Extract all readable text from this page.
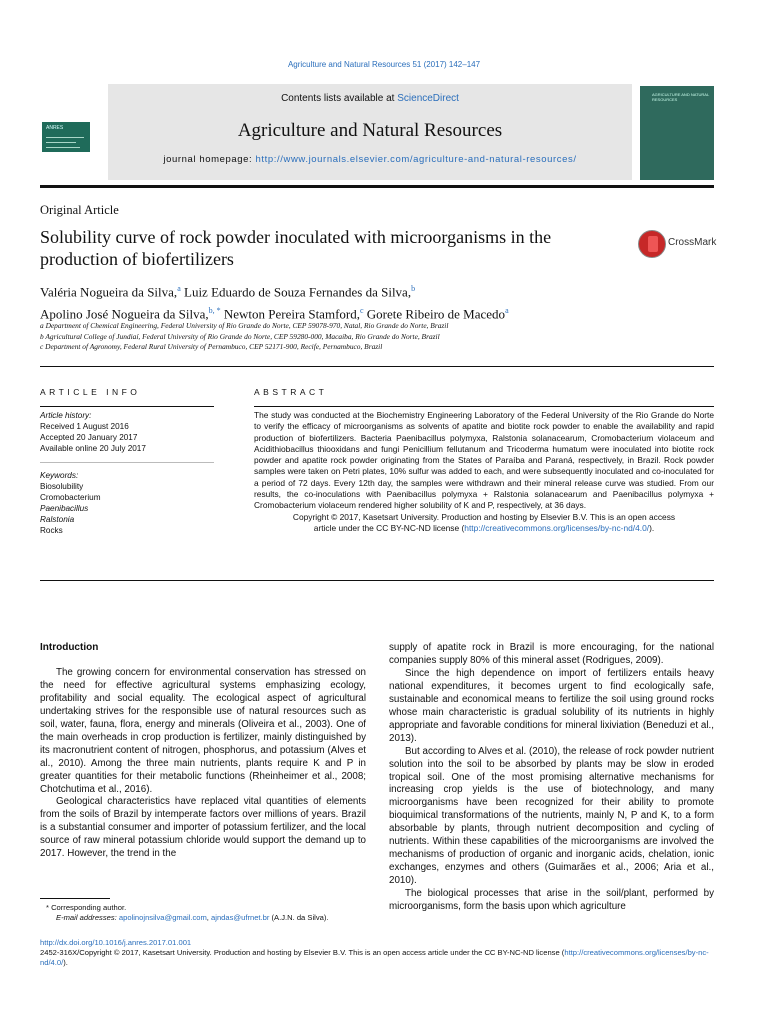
Agriculture and Natural Resources 51 (2017) 142–147
ANRES
Contents lists available at ScienceDirect
Agriculture and Natural Resources
journal homepage: http://www.journals.elsevier.com/agriculture-and-natural-resources/
AGRICULTURE AND NATURAL RESOURCES
Original Article
Solubility curve of rock powder inoculated with microorganisms in the production of biofertilizers
CrossMark
Valéria Nogueira da Silva,$^a$ Luiz Eduardo de Souza Fernandes da Silva,$^b$
Apolino José Nogueira da Silva,$^{b, *}$ Newton Pereira Stamford,$^c$ Gorete Ribeiro de Macedo$^a$
a Department of Chemical Engineering, Federal University of Rio Grande do Norte, CEP 59078-970, Natal, Rio Grande do Norte, Brazil
b Agricultural College of Jundiaí, Federal University of Rio Grande do Norte, CEP 59280-000, Macaíba, Rio Grande do Norte, Brazil
c Department of Agronomy, Federal Rural University of Pernambuco, CEP 52171-900, Recife, Pernambuco, Brazil
ARTICLE INFO
Article history:
Received 1 August 2016
Accepted 20 January 2017
Available online 20 July 2017
Keywords:
Biosolubility
Cromobacterium
Paenibacillus
Ralstonia
Rocks
ABSTRACT
The study was conducted at the Biochemistry Engineering Laboratory of the Federal University of the Rio Grande do Norte to verify the efficacy of microorganisms as solvents of apatite and biotite rock powder to enable the availability and rapid production of biofertilizers. Bacteria Paenibacillus polymyxa, Ralstonia solanacearum, Cromobacterium violaceum and Acidithiobacillus thiooxidans and fungi Penicillium fellutanum and Tricoderma humatum were inoculated into biotite rock powder and apatite rock powder originating from the States of Paraíba and Paraná, respectively, in Brazil. Rock powder samples were taken on Petri plates, 10% sulfur was added to each, and were subsequently inoculated and co-inoculated for a period of 72 days. Every 12th day, the samples were withdrawn and their mineral release curve was studied. From our results, the co-inoculations with Paenibacillus polymyxa + Ralstonia solanacearum and Paenibacillus polymyxa + Cromobacterium violaceum rendered higher solubility of K and P, respectively, at 36 days.
Copyright © 2017, Kasetsart University. Production and hosting by Elsevier B.V. This is an open access
article under the CC BY-NC-ND license (http://creativecommons.org/licenses/by-nc-nd/4.0/).
Introduction

The growing concern for environmental conservation has stressed on the need for effective agricultural systems emphasizing ecology, profitability and social equality. The ecological aspect of agricultural undertaking strives for the responsible use of natural resources such as soil, water, fauna, flora, energy and minerals (Oliveira et al., 2003). One of the main overheads in crop production is fertilizer, mainly distinguished by its macronutrient content of nitrogen, phosphorus, and potassium (Alves et al., 2010). Among the three main nutrients, plants require K and P in greater quantities for their metabolic functions (Rheinheimer et al., 2008; Chotchutima et al., 2016).

Geological characteristics have replaced vital quantities of elements from the soils of Brazil by intemperate factors over millions of years. Brazil is a substantial consumer and importer of potassium fertilizer, and the local source of raw mineral potassium chloride would support the demand up to 2017. However, the trend in the

supply of apatite rock in Brazil is more encouraging, for the national companies supply 80% of this mineral asset (Rodrigues, 2009).

Since the high dependence on import of fertilizers entails heavy national expenditures, it becomes urgent to find ecologically safe, sustainable and economical means to fertilize the soil using ground rocks whose main characteristic is gradual solubility of its nutrients in highly appropriate and favorable conditions for mineral lixiviation (Beneduzi et al., 2013).

But according to Alves et al. (2010), the release of rock powder nutrient solution into the soil to be absorbed by plants may be slow in eroded tropical soil. One of the most promising alternative mechanisms for increasing crop yields is the use of biotechnology, and many microorganisms have been recognized for their ability to promote bioquimical transformations of the nutrients, mainly N, P and K, to a form absorbable by plants, through nutrient decomposition and cycling of nutrients. Within these capabilities of the microorganisms are involved the mechanisms of production of organic and inorganic acids, chelation, ionic exchanges, enzymes and others (Guimarães et al., 2006; Aria et al., 2010).

The biological processes that arise in the soil/plant, performed by microorganisms, form the basis upon which agriculture

* Corresponding author.
E-mail addresses: apolinojnsilva@gmail.com, ajndas@ufrnet.br (A.J.N. da Silva).
http://dx.doi.org/10.1016/j.anres.2017.01.001
2452-316X/Copyright © 2017, Kasetsart University. Production and hosting by Elsevier B.V. This is an open access article under the CC BY-NC-ND license (http://creativecommons.org/licenses/by-nc-nd/4.0/).
